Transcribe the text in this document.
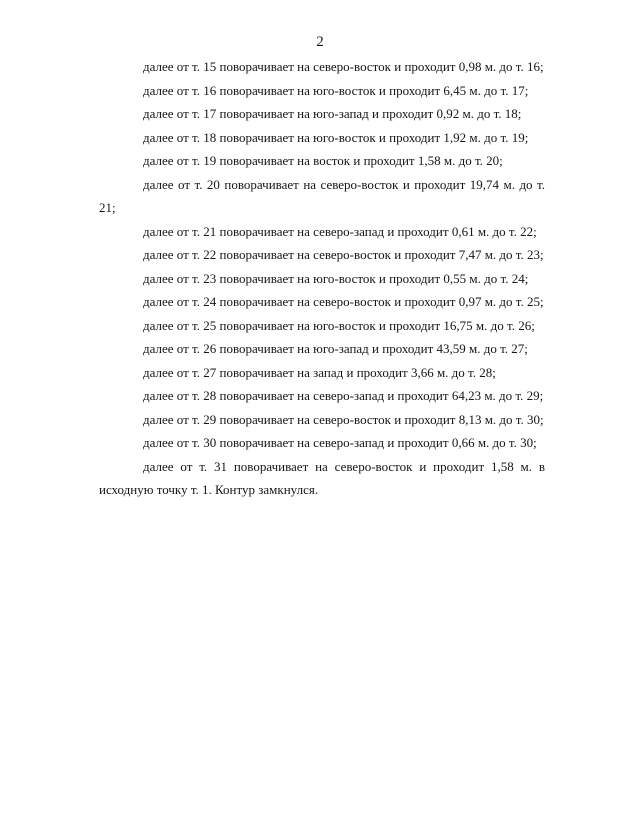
2

далее от т. 15 поворачивает на северо-восток и проходит 0,98 м. до т. 16;

далее от т. 16 поворачивает на юго-восток и проходит 6,45 м. до т. 17;

далее от т. 17 поворачивает на юго-запад и проходит 0,92 м. до т. 18;

далее от т. 18 поворачивает на юго-восток и проходит 1,92 м. до т. 19;

далее от т. 19 поворачивает на восток и проходит 1,58 м. до т. 20;

далее от т. 20 поворачивает на северо-восток и проходит 19,74 м. до т. 21;

далее от т. 21 поворачивает на северо-запад и проходит 0,61 м. до т. 22;

далее от т. 22 поворачивает на северо-восток и проходит 7,47 м. до т. 23;

далее от т. 23 поворачивает на юго-восток и проходит 0,55 м. до т. 24;

далее от т. 24 поворачивает на северо-восток и проходит 0,97 м. до т. 25;

далее от т. 25 поворачивает на юго-восток и проходит 16,75 м. до т. 26;

далее от т. 26 поворачивает на юго-запад и проходит 43,59 м. до т. 27;

далее от т. 27 поворачивает на запад и проходит 3,66 м. до т. 28;

далее от т. 28 поворачивает на северо-запад и проходит 64,23 м. до т. 29;

далее от т. 29 поворачивает на северо-восток и проходит 8,13 м. до т. 30;

далее от т. 30 поворачивает на северо-запад и проходит 0,66 м. до т. 30;

далее от т. 31 поворачивает на северо-восток и проходит 1,58 м. в исходную точку т. 1. Контур замкнулся.
